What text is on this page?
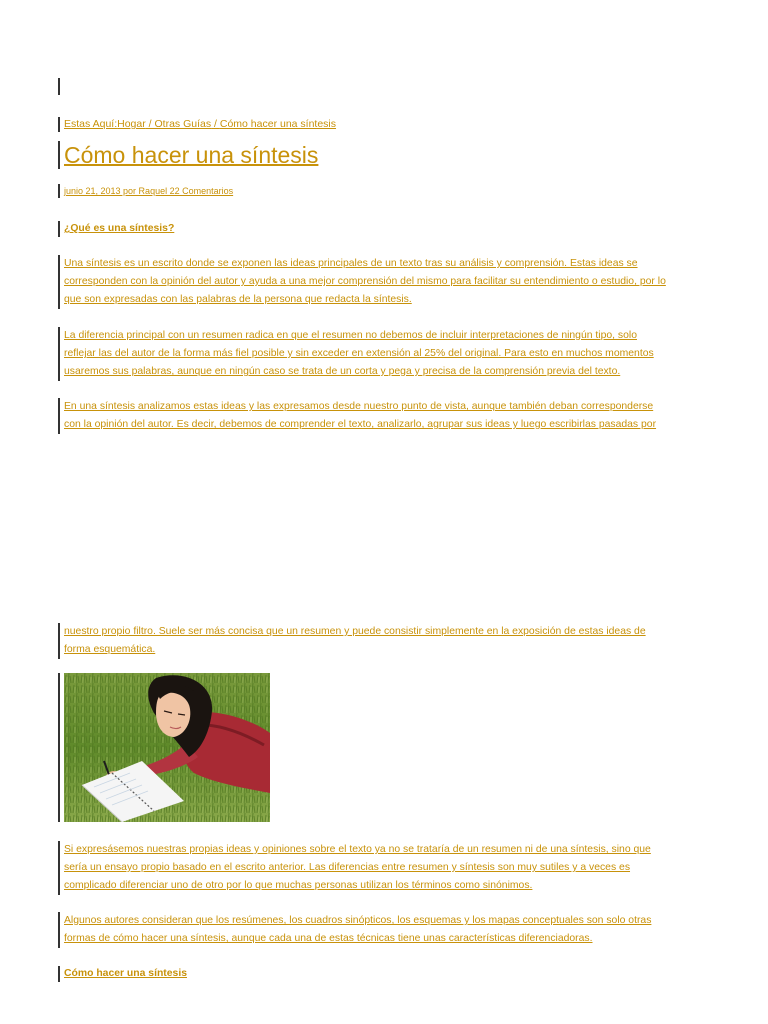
Estas Aquí:Hogar / Otras Guías / Cómo hacer una síntesis
Cómo hacer una síntesis
junio 21, 2013 por Raquel 22 Comentarios
¿Qué es una síntesis?
Una síntesis es un escrito donde se exponen las ideas principales de un texto tras su análisis y comprensión. Estas ideas se
corresponden con la opinión del autor y ayuda a una mejor comprensión del mismo para facilitar su entendimiento o estudio, por lo
que son expresadas con las palabras de la persona que redacta la síntesis.
La diferencia principal con un resumen radica en que el resumen no debemos de incluir interpretaciones de ningún tipo, solo
reflejar las del autor de la forma más fiel posible y sin exceder en extensión al 25% del original. Para esto en muchos momentos
usaremos sus palabras, aunque en ningún caso se trata de un corta y pega y precisa de la comprensión previa del texto.
En una síntesis analizamos estas ideas y las expresamos desde nuestro punto de vista, aunque también deban corresponderse
con la opinión del autor. Es decir, debemos de comprender el texto, analizarlo, agrupar sus ideas y luego escribirlas pasadas por
nuestro propio filtro. Suele ser más concisa que un resumen y puede consistir simplemente en la exposición de estas ideas de
forma esquemática.
Si expresásemos nuestras propias ideas y opiniones sobre el texto ya no se trataría de un resumen ni de una síntesis, sino que
sería un ensayo propio basado en el escrito anterior. Las diferencias entre resumen y síntesis son muy sutiles y a veces es
complicado diferenciar uno de otro por lo que muchas personas utilizan los términos como sinónimos.
Algunos autores consideran que los resúmenes, los cuadros sinópticos, los esquemas y los mapas conceptuales son solo otras
formas de cómo hacer una síntesis, aunque cada una de estas técnicas tiene unas características diferenciadoras.
Cómo hacer una síntesis
